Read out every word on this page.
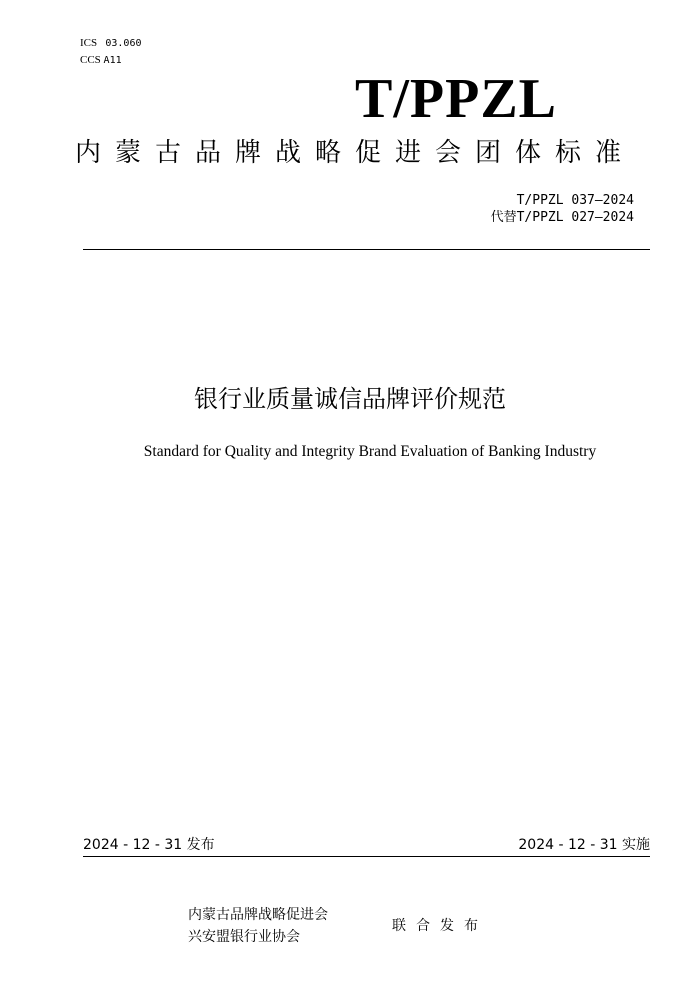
ICS 03.060
CCS A11
T/PPZL
内蒙古品牌战略促进会团体标准
T/PPZL 037—2024
代替T/PPZL 027—2024
银行业质量诚信品牌评价规范
Standard for Quality and Integrity Brand Evaluation of Banking Industry
2024 - 12 - 31 发布	2024 - 12 - 31 实施
内蒙古品牌战略促进会
兴安盟银行业协会
联合发布
